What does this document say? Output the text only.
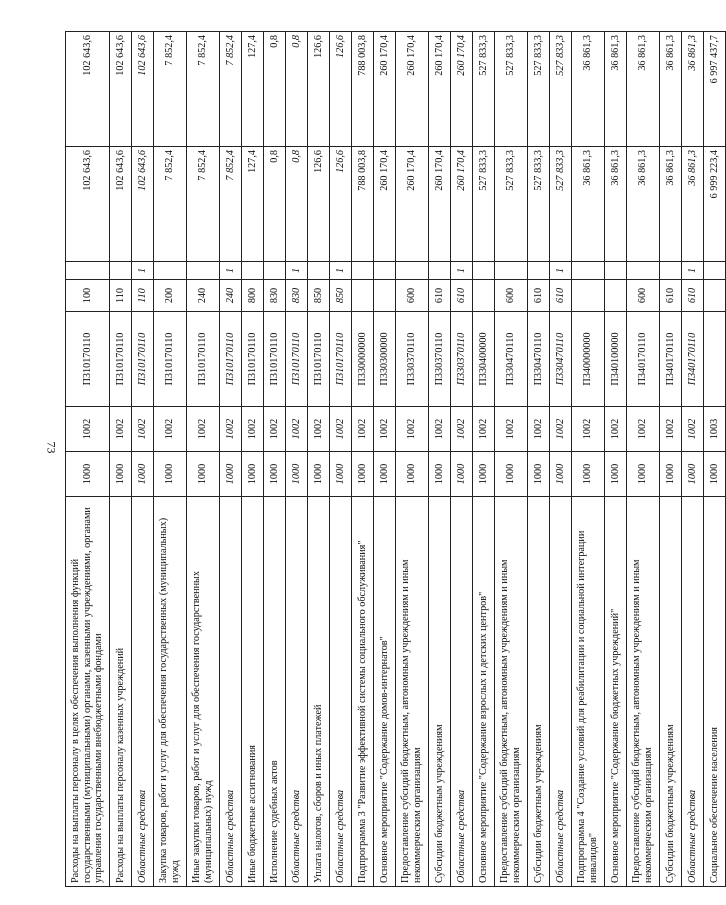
73
Расходы на выплаты персоналу в целях обеспечения выполнения функций государственными (муниципальными) органами, казенными учреждениями, органами управления государственными внебюджетными фондами	1000	1002	П310170110	100		102 643,6	102 643,6
Расходы на выплаты персоналу казенных учреждений	1000	1002	П310170110	110		102 643,6	102 643,6
Областные средства	1000	1002	П310170110	110	1	102 643,6	102 643,6
Закупка товаров, работ и услуг для обеспечения государственных (муниципальных) нужд	1000	1002	П310170110	200		7 852,4	7 852,4
Иные закупки товаров, работ и услуг для обеспечения государственных (муниципальных) нужд	1000	1002	П310170110	240		7 852,4	7 852,4
Областные средства	1000	1002	П310170110	240	1	7 852,4	7 852,4
Иные бюджетные ассигнования	1000	1002	П310170110	800		127,4	127,4
Исполнение судебных актов	1000	1002	П310170110	830		0,8	0,8
Областные средства	1000	1002	П310170110	830	1	0,8	0,8
Уплата налогов, сборов и иных платежей	1000	1002	П310170110	850		126,6	126,6
Областные средства	1000	1002	П310170110	850	1	126,6	126,6
Подпрограмма 3 "Развитие эффективной системы социального обслуживания"	1000	1002	П330000000			788 003,8	788 003,8
Основное мероприятие "Содержание домов-интернатов"	1000	1002	П330300000			260 170,4	260 170,4
Предоставление субсидий бюджетным, автономным учреждениям и иным некоммерческим организациям	1000	1002	П330370110	600		260 170,4	260 170,4
Субсидии бюджетным учреждениям	1000	1002	П330370110	610		260 170,4	260 170,4
Областные средства	1000	1002	П330370110	610	1	260 170,4	260 170,4
Основное мероприятие "Содержание взрослых и детских центров"	1000	1002	П330400000			527 833,3	527 833,3
Предоставление субсидий бюджетным, автономным учреждениям и иным некоммерческим организациям	1000	1002	П330470110	600		527 833,3	527 833,3
Субсидии бюджетным учреждениям	1000	1002	П330470110	610		527 833,3	527 833,3
Областные средства	1000	1002	П330470110	610	1	527 833,3	527 833,3
Подпрограмма 4 "Создание условий для реабилитации и социальной интеграции инвалидов"	1000	1002	П340000000			36 861,3	36 861,3
Основное мероприятие "Содержание бюджетных учреждений"	1000	1002	П340100000			36 861,3	36 861,3
Предоставление субсидий бюджетным, автономным учреждениям и иным некоммерческим организациям	1000	1002	П340170110	600		36 861,3	36 861,3
Субсидии бюджетным учреждениям	1000	1002	П340170110	610		36 861,3	36 861,3
Областные средства	1000	1002	П340170110	610	1	36 861,3	36 861,3
Социальное обеспечение населения	1000	1003				6 999 223,4	6 997 437,7
